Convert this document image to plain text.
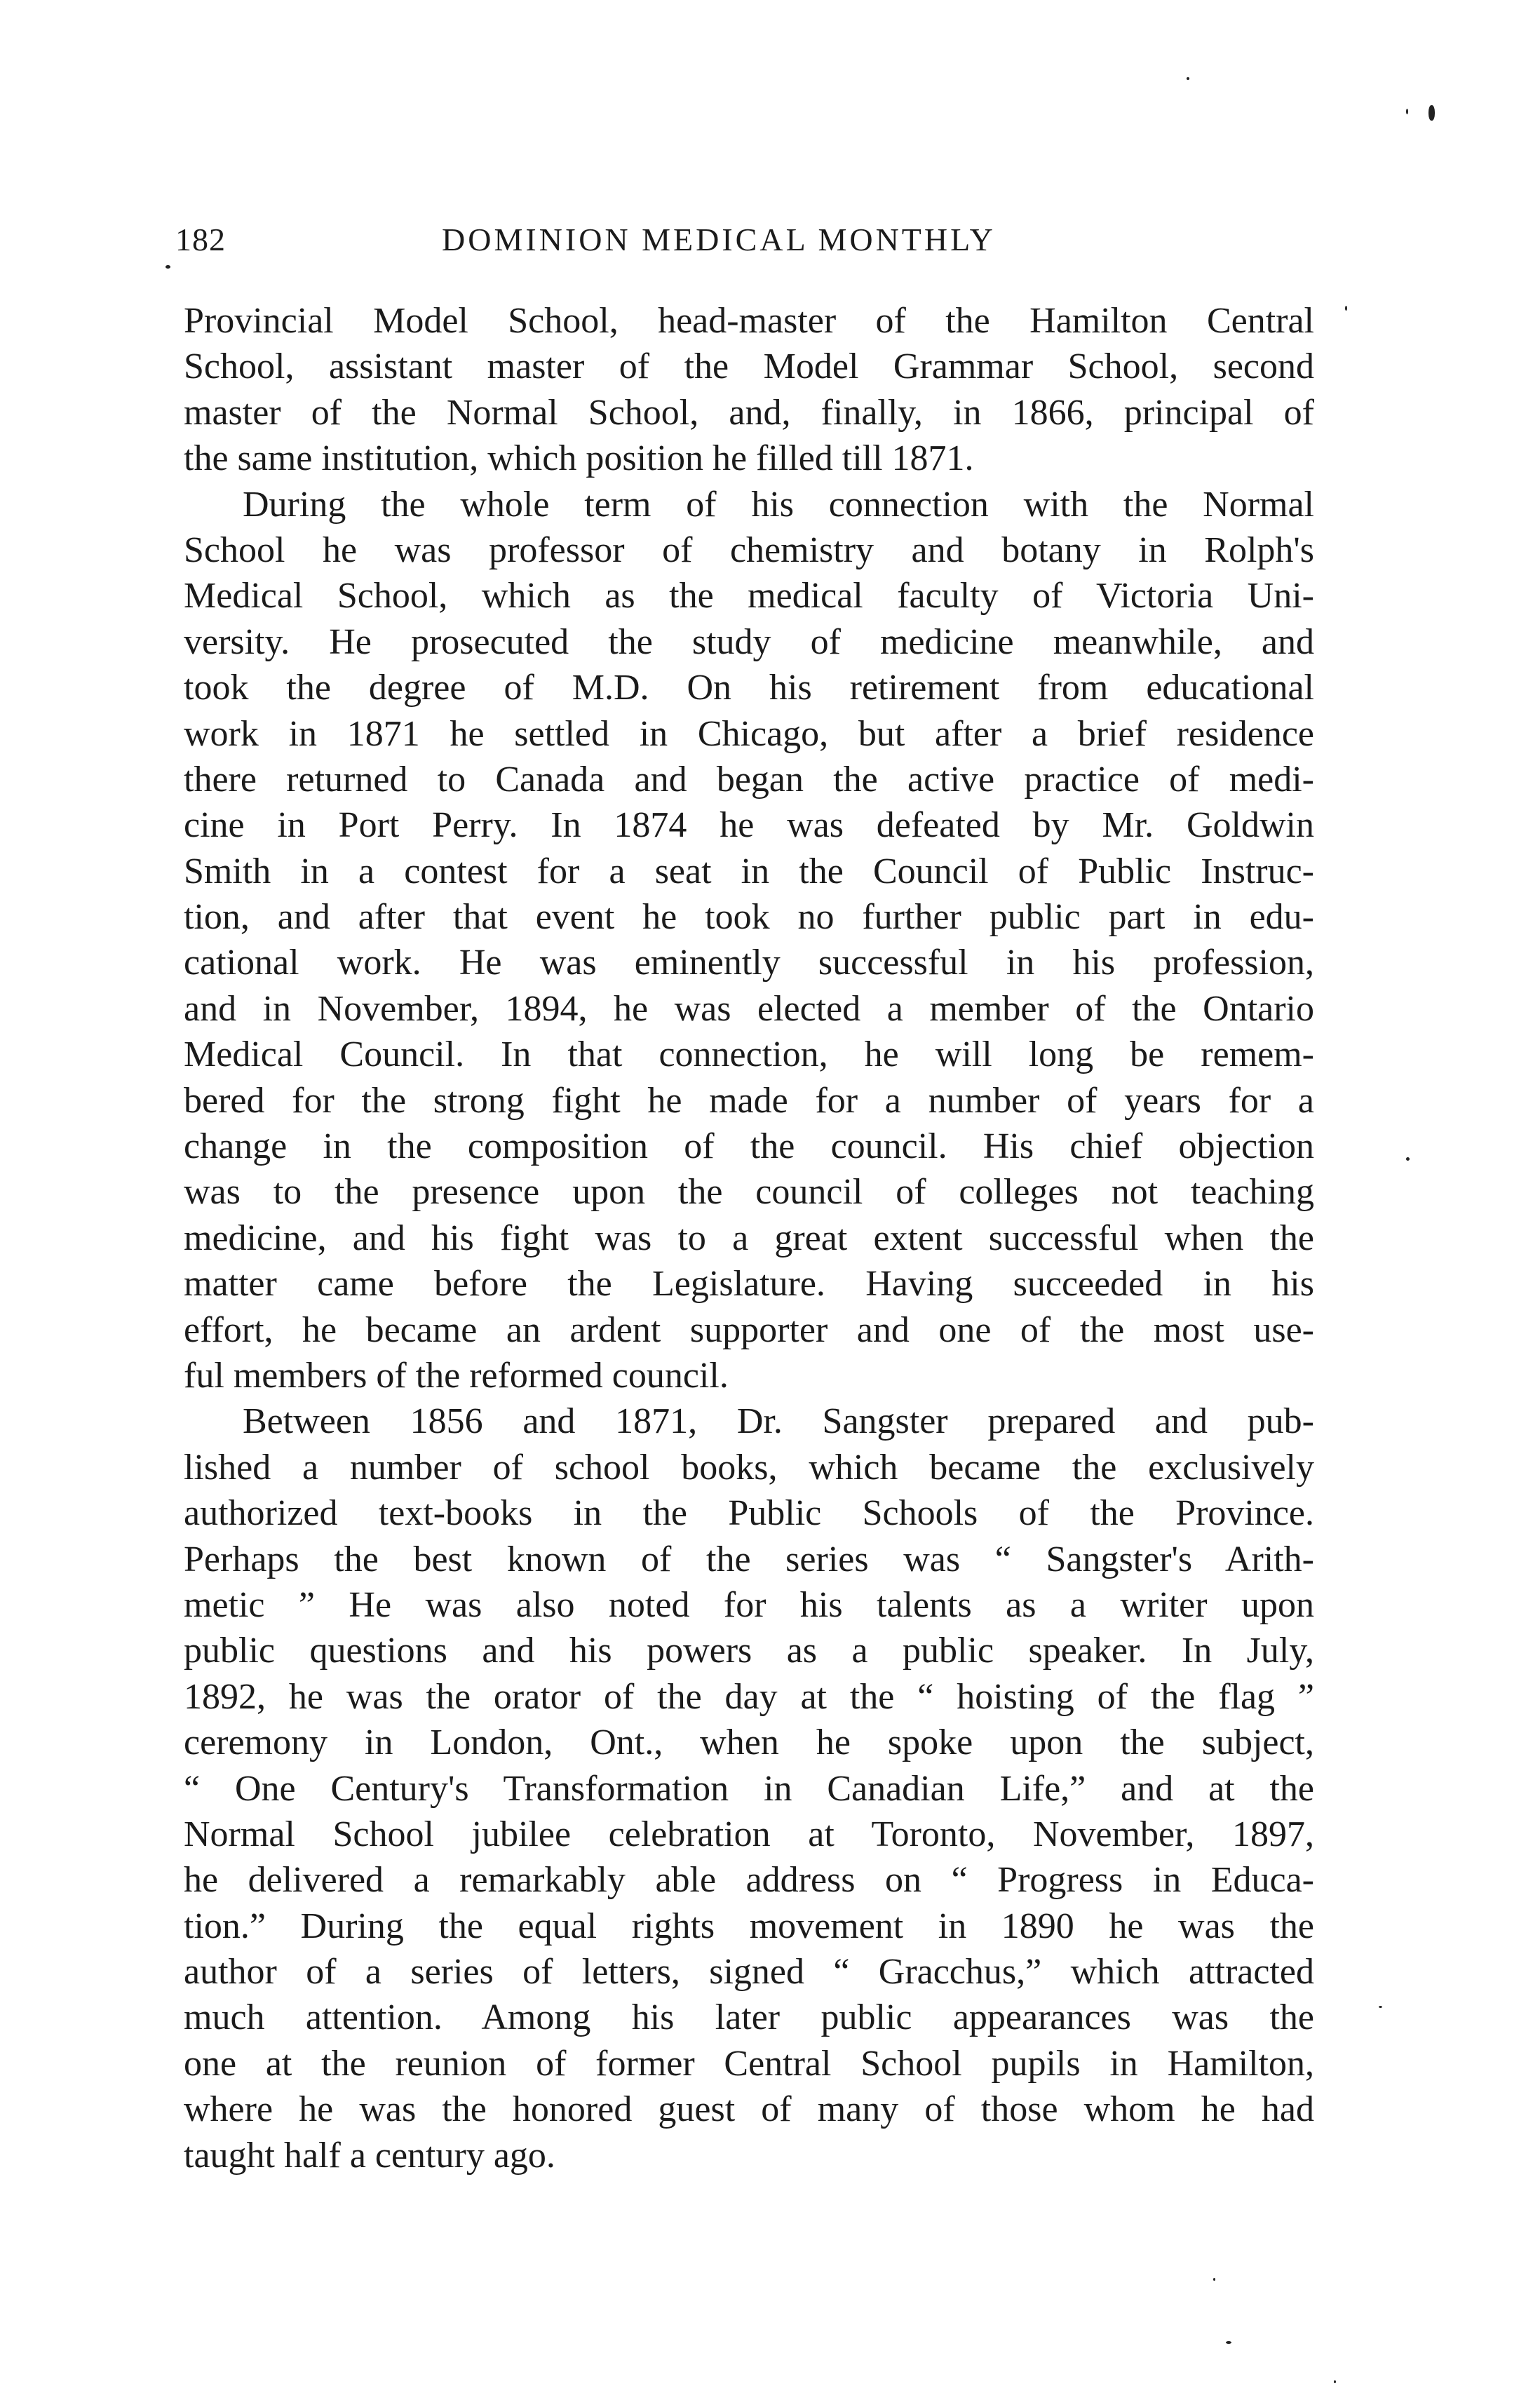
182	DOMINION MEDICAL MONTHLY
Provincial Model School, head-master of the Hamilton Central
School, assistant master of the Model Grammar School, second
master of the Normal School, and, finally, in 1866, principal of
the same institution, which position he filled till 1871.
During the whole term of his connection with the Normal
School he was professor of chemistry and botany in Rolph's
Medical School, which as the medical faculty of Victoria Uni-
versity. He prosecuted the study of medicine meanwhile, and
took the degree of M.D. On his retirement from educational
work in 1871 he settled in Chicago, but after a brief residence
there returned to Canada and began the active practice of medi-
cine in Port Perry. In 1874 he was defeated by Mr. Goldwin
Smith in a contest for a seat in the Council of Public Instruc-
tion, and after that event he took no further public part in edu-
cational work. He was eminently successful in his profession,
and in November, 1894, he was elected a member of the Ontario
Medical Council. In that connection, he will long be remem-
bered for the strong fight he made for a number of years for a
change in the composition of the council. His chief objection
was to the presence upon the council of colleges not teaching
medicine, and his fight was to a great extent successful when the
matter came before the Legislature. Having succeeded in his
effort, he became an ardent supporter and one of the most use-
ful members of the reformed council.
Between 1856 and 1871, Dr. Sangster prepared and pub-
lished a number of school books, which became the exclusively
authorized text-books in the Public Schools of the Province.
Perhaps the best known of the series was “ Sangster's Arith-
metic ” He was also noted for his talents as a writer upon
public questions and his powers as a public speaker. In July,
1892, he was the orator of the day at the “ hoisting of the flag ”
ceremony in London, Ont., when he spoke upon the subject,
“ One Century's Transformation in Canadian Life,” and at the
Normal School jubilee celebration at Toronto, November, 1897,
he delivered a remarkably able address on “ Progress in Educa-
tion.” During the equal rights movement in 1890 he was the
author of a series of letters, signed “ Gracchus,” which attracted
much attention. Among his later public appearances was the
one at the reunion of former Central School pupils in Hamilton,
where he was the honored guest of many of those whom he had
taught half a century ago.
